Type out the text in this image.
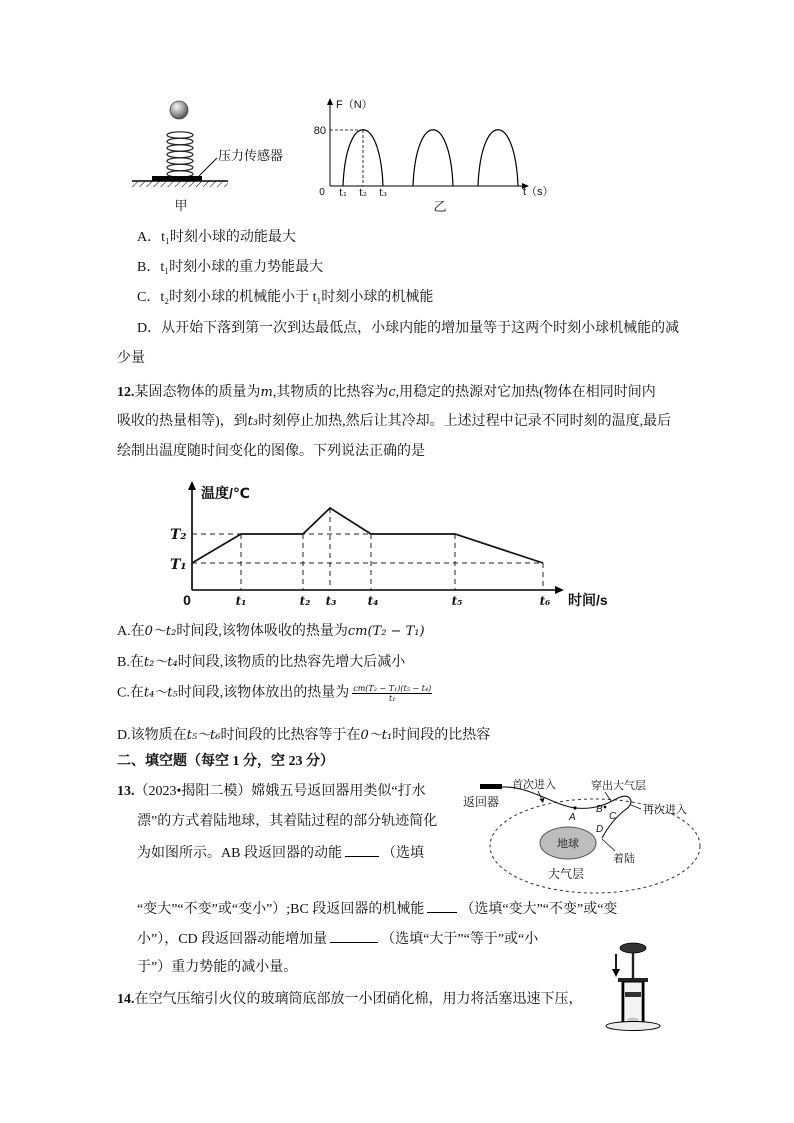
压力传感器
甲
F（N）
80
0 t₁ t₂ t₃	t（s）
乙
A．t₁时刻小球的动能最大
B．t₁时刻小球的重力势能最大
C．t₂时刻小球的机械能小于 t₁时刻小球的机械能
D．从开始下落到第一次到达最低点，小球内能的增加量等于这两个时刻小球机械能的减
少量
12.某固态物体的质量为m,其物质的比热容为c,用稳定的热源对它加热(物体在相同时间内
吸收的热量相等)，到t₃时刻停止加热,然后让其冷却。上述过程中记录不同时刻的温度,最后
绘制出温度随时间变化的图像。下列说法正确的是
温度/℃
T₂
T₁
0	t₁	t₂ t₃	t₄	t₅	t₆ 时间/s
A.在0～t₂时间段,该物体吸收的热量为cm(T₂ − T₁)
B.在t₂～t₄时间段,该物质的比热容先增大后减小
C.在t₄～t₅时间段,该物体放出的热量为 $\frac{\text{cm(T₂ − T₁)(t₅ − t₄)}}{\text{t₁}}$
D.该物质在t₅～t₆时间段的比热容等于在0～t₁时间段的比热容
二、填空题（每空 1 分，空 23 分）
13.（2023•揭阳二模）嫦娥五号返回器用类似“打水
漂”的方式着陆地球，其着陆过程的部分轨迹简化
为如图所示。AB 段返回器的动能	（选填
“变大”“不变”或“变小”）;BC 段返回器的机械能	（选填“变大”“不变”或“变
小”），CD 段返回器动能增加量	（选填“大于”“等于”或“小
于”）重力势能的减小量。
地球
大气层
返回器
首次进入	穿出大气层
再次进入
A
B
C
D
着陆
14.在空气压缩引火仪的玻璃筒底部放一小团硝化棉，用力将活塞迅速下压，
